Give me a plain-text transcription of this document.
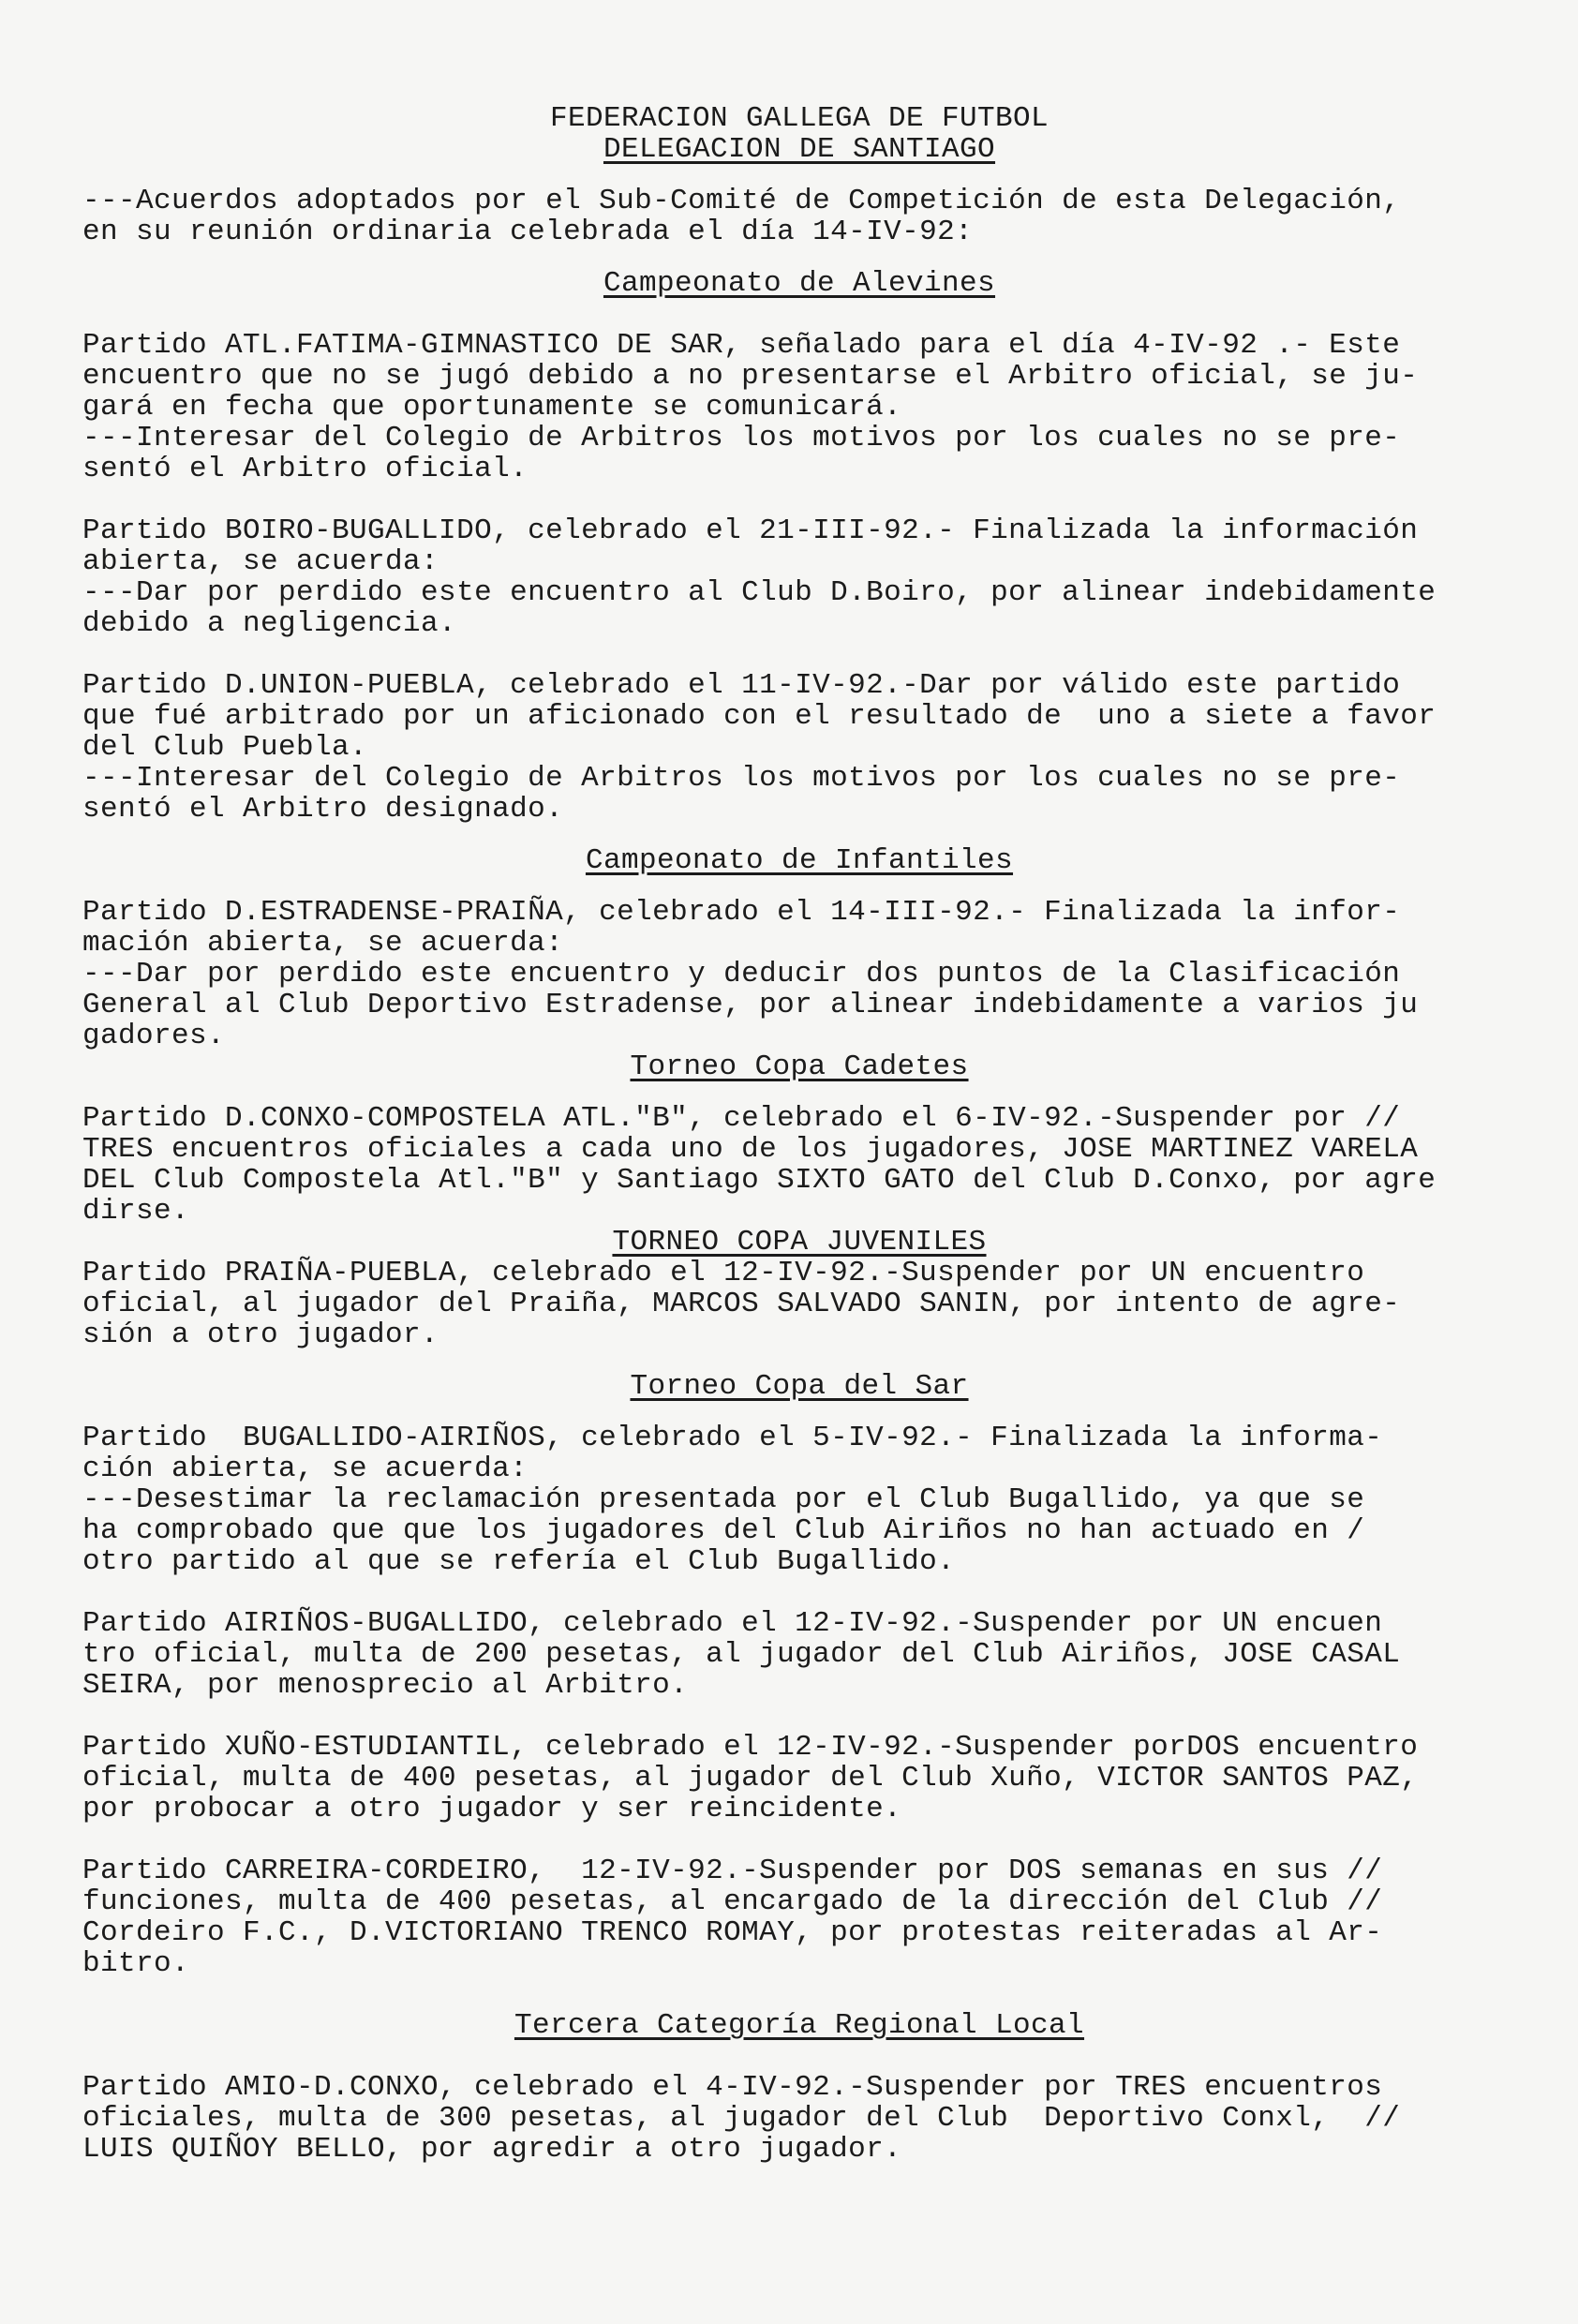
FEDERACION GALLEGA DE FUTBOL

DELEGACION DE SANTIAGO

---Acuerdos adoptados por el Sub-Comité de Competición de esta Delegación,
en su reunión ordinaria celebrada el día 14-IV-92:

Campeonato de Alevines

Partido ATL.FATIMA-GIMNASTICO DE SAR, señalado para el día 4-IV-92 .- Este
encuentro que no se jugó debido a no presentarse el Arbitro oficial, se ju-
gará en fecha que oportunamente se comunicará.
---Interesar del Colegio de Arbitros los motivos por los cuales no se pre-
sentó el Arbitro oficial.

Partido BOIRO-BUGALLIDO, celebrado el 21-III-92.- Finalizada la información
abierta, se acuerda:
---Dar por perdido este encuentro al Club D.Boiro, por alinear indebidamente
debido a negligencia.

Partido D.UNION-PUEBLA, celebrado el 11-IV-92.-Dar por válido este partido
que fué arbitrado por un aficionado con el resultado de  uno a siete a favor
del Club Puebla.
---Interesar del Colegio de Arbitros los motivos por los cuales no se pre-
sentó el Arbitro designado.

Campeonato de Infantiles

Partido D.ESTRADENSE-PRAIÑA, celebrado el 14-III-92.- Finalizada la infor-
mación abierta, se acuerda:
---Dar por perdido este encuentro y deducir dos puntos de la Clasificación
General al Club Deportivo Estradense, por alinear indebidamente a varios ju
gadores.

Torneo Copa Cadetes

Partido D.CONXO-COMPOSTELA ATL."B", celebrado el 6-IV-92.-Suspender por //
TRES encuentros oficiales a cada uno de los jugadores, JOSE MARTINEZ VARELA
DEL Club Compostela Atl."B" y Santiago SIXTO GATO del Club D.Conxo, por agre
dirse.

TORNEO COPA JUVENILES

Partido PRAIÑA-PUEBLA, celebrado el 12-IV-92.-Suspender por UN encuentro
oficial, al jugador del Praiña, MARCOS SALVADO SANIN, por intento de agre-
sión a otro jugador.

Torneo Copa del Sar

Partido  BUGALLIDO-AIRIÑOS, celebrado el 5-IV-92.- Finalizada la informa-
ción abierta, se acuerda:
---Desestimar la reclamación presentada por el Club Bugallido, ya que se
ha comprobado que que los jugadores del Club Airiños no han actuado en /
otro partido al que se refería el Club Bugallido.

Partido AIRIÑOS-BUGALLIDO, celebrado el 12-IV-92.-Suspender por UN encuen
tro oficial, multa de 200 pesetas, al jugador del Club Airiños, JOSE CASAL
SEIRA, por menosprecio al Arbitro.

Partido XUÑO-ESTUDIANTIL, celebrado el 12-IV-92.-Suspender porDOS encuentro
oficial, multa de 400 pesetas, al jugador del Club Xuño, VICTOR SANTOS PAZ,
por probocar a otro jugador y ser reincidente.

Partido CARREIRA-CORDEIRO,  12-IV-92.-Suspender por DOS semanas en sus //
funciones, multa de 400 pesetas, al encargado de la dirección del Club //
Cordeiro F.C., D.VICTORIANO TRENCO ROMAY, por protestas reiteradas al Ar-
bitro.

Tercera Categoría Regional Local

Partido AMIO-D.CONXO, celebrado el 4-IV-92.-Suspender por TRES encuentros
oficiales, multa de 300 pesetas, al jugador del Club  Deportivo Conxl,  //
LUIS QUIÑOY BELLO, por agredir a otro jugador.
